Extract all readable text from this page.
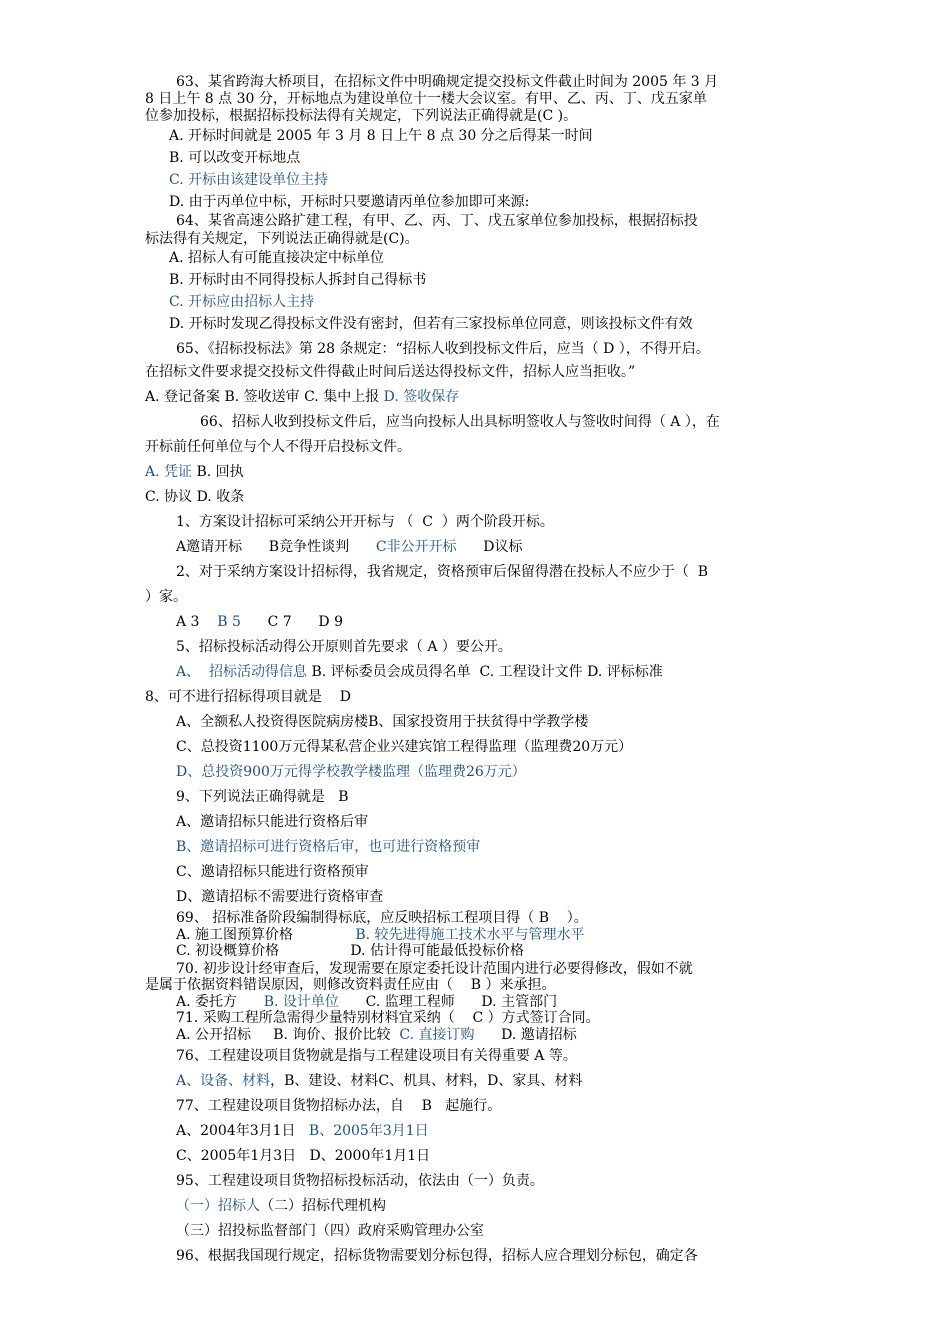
63、某省跨海大桥项目，在招标文件中明确规定提交投标文件截止时间为 2005 年 3 月
8 日上午 8 点 30 分，开标地点为建设单位十一楼大会议室。有甲、乙、丙、丁、戊五家单
位参加投标，根据招标投标法得有关规定，下列说法正确得就是(C )。
A. 开标时间就是 2005 年 3 月 8 日上午 8 点 30 分之后得某一时间
B. 可以改变开标地点
C. 开标由该建设单位主持
D. 由于丙单位中标，开标时只要邀请丙单位参加即可来源:
64、某省高速公路扩建工程，有甲、乙、丙、丁、戊五家单位参加投标，根据招标投
标法得有关规定，下列说法正确得就是(C)。
A. 招标人有可能直接决定中标单位
B. 开标时由不同得投标人拆封自己得标书
C. 开标应由招标人主持
D. 开标时发现乙得投标文件没有密封，但若有三家投标单位同意，则该投标文件有效
65、《招标投标法》第 28 条规定：“招标人收到投标文件后，应当（ D ），不得开启。
在招标文件要求提交投标文件得截止时间后送达得投标文件，招标人应当拒收。”
A. 登记备案 B. 签收送审 C. 集中上报 D. 签收保存
66、招标人收到投标文件后，应当向投标人出具标明签收人与签收时间得（ A ），在
开标前任何单位与个人不得开启投标文件。
A. 凭证 B. 回执
C. 协议 D. 收条
1、方案设计招标可采纳公开开标与 （  C  ）两个阶段开标。
A邀请开标      B竞争性谈判      C非公开开标      D议标
2、对于采纳方案设计招标得，我省规定，资格预审后保留得潜在投标人不应少于（  B
）家。
A 3    B 5      C 7      D 9
5、招标投标活动得公开原则首先要求（ A ）要公开。
A、  招标活动得信息 B. 评标委员会成员得名单  C. 工程设计文件 D. 评标标准
8、可不进行招标得项目就是    D
A、全额私人投资得医院病房楼B、国家投资用于扶贫得中学教学楼
C、总投资1100万元得某私营企业兴建宾馆工程得监理（监理费20万元）
D、总投资900万元得学校教学楼监理（监理费26万元）
9、下列说法正确得就是   B
A、邀请招标只能进行资格后审
B、邀请招标可进行资格后审，也可进行资格预审
C、邀请招标只能进行资格预审
D、邀请招标不需要进行资格审查
69、 招标准备阶段编制得标底，应反映招标工程项目得（ B    ）。
A. 施工图预算价格              B. 较先进得施工技术水平与管理水平
C. 初设概算价格                D. 估计得可能最低投标价格
70. 初步设计经审查后，发现需要在原定委托设计范围内进行必要得修改，假如不就
是属于依据资料错误原因，则修改资料责任应由（    B ）来承担。
A. 委托方      B. 设计单位      C. 监理工程师      D. 主管部门
71. 采购工程所急需得少量特别材料宜采纳（    C ）方式签订合同。
A. 公开招标     B. 询价、报价比较  C. 直接订购      D. 邀请招标
76、工程建设项目货物就是指与工程建设项目有关得重要 A 等。
A、设备、材料，B、建设、材料C、机具、材料，D、家具、材料
77、工程建设项目货物招标办法，自    B   起施行。
A、2004年3月1日   B、2005年3月1日
C、2005年1月3日   D、2000年1月1日
95、工程建设项目货物招标投标活动，依法由（一）负责。
（一）招标人（二）招标代理机构
（三）招投标监督部门（四）政府采购管理办公室
96、根据我国现行规定，招标货物需要划分标包得，招标人应合理划分标包，确定各
